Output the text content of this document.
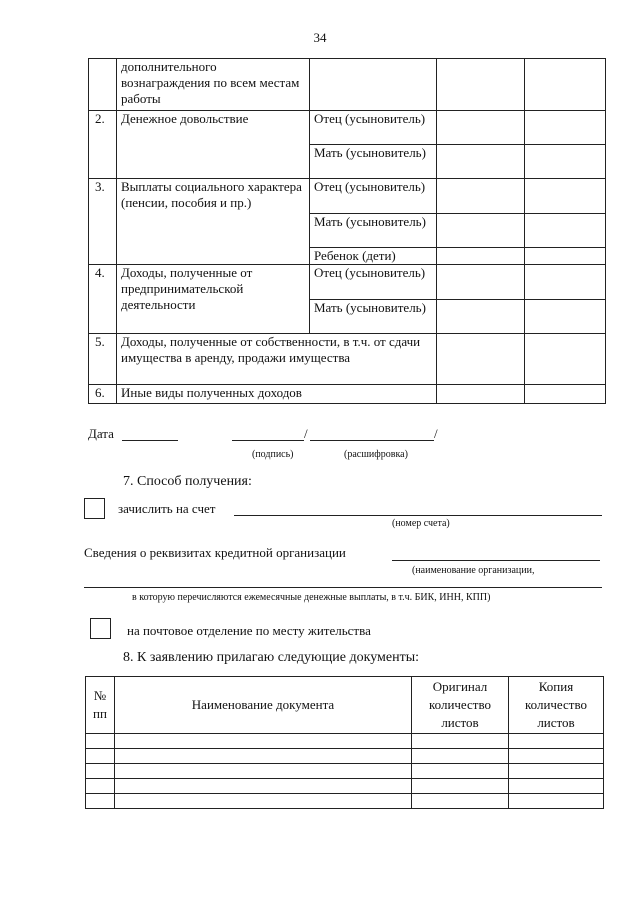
34
	дополнительного вознаграждения по всем местам работы			
2.	Денежное довольствие	Отец (усыновитель)		
		Мать (усыновитель)		
3.	Выплаты социального характера (пенсии, пособия и пр.)	Отец (усыновитель)		
		Мать (усыновитель)		
		Ребенок (дети)		
4.	Доходы, полученные от предпринимательской деятельности	Отец (усыновитель)		
		Мать (усыновитель)		
5.	Доходы, полученные от собственности, в т.ч. от сдачи имущества в аренду, продажи имущества			
6.	Иные виды полученных доходов			
Дата	/	/
(подпись)	(расшифровка)
7. Способ получения:
зачислить на счет
(номер счета)
Сведения о реквизитах кредитной организации
(наименование организации,
в которую перечисляются ежемесячные денежные выплаты, в т.ч. БИК, ИНН, КПП)
на почтовое отделение по месту жительства
8. К заявлению прилагаю следующие документы:
№ пп	Наименование документа	Оригинал количество листов	Копия количество листов
